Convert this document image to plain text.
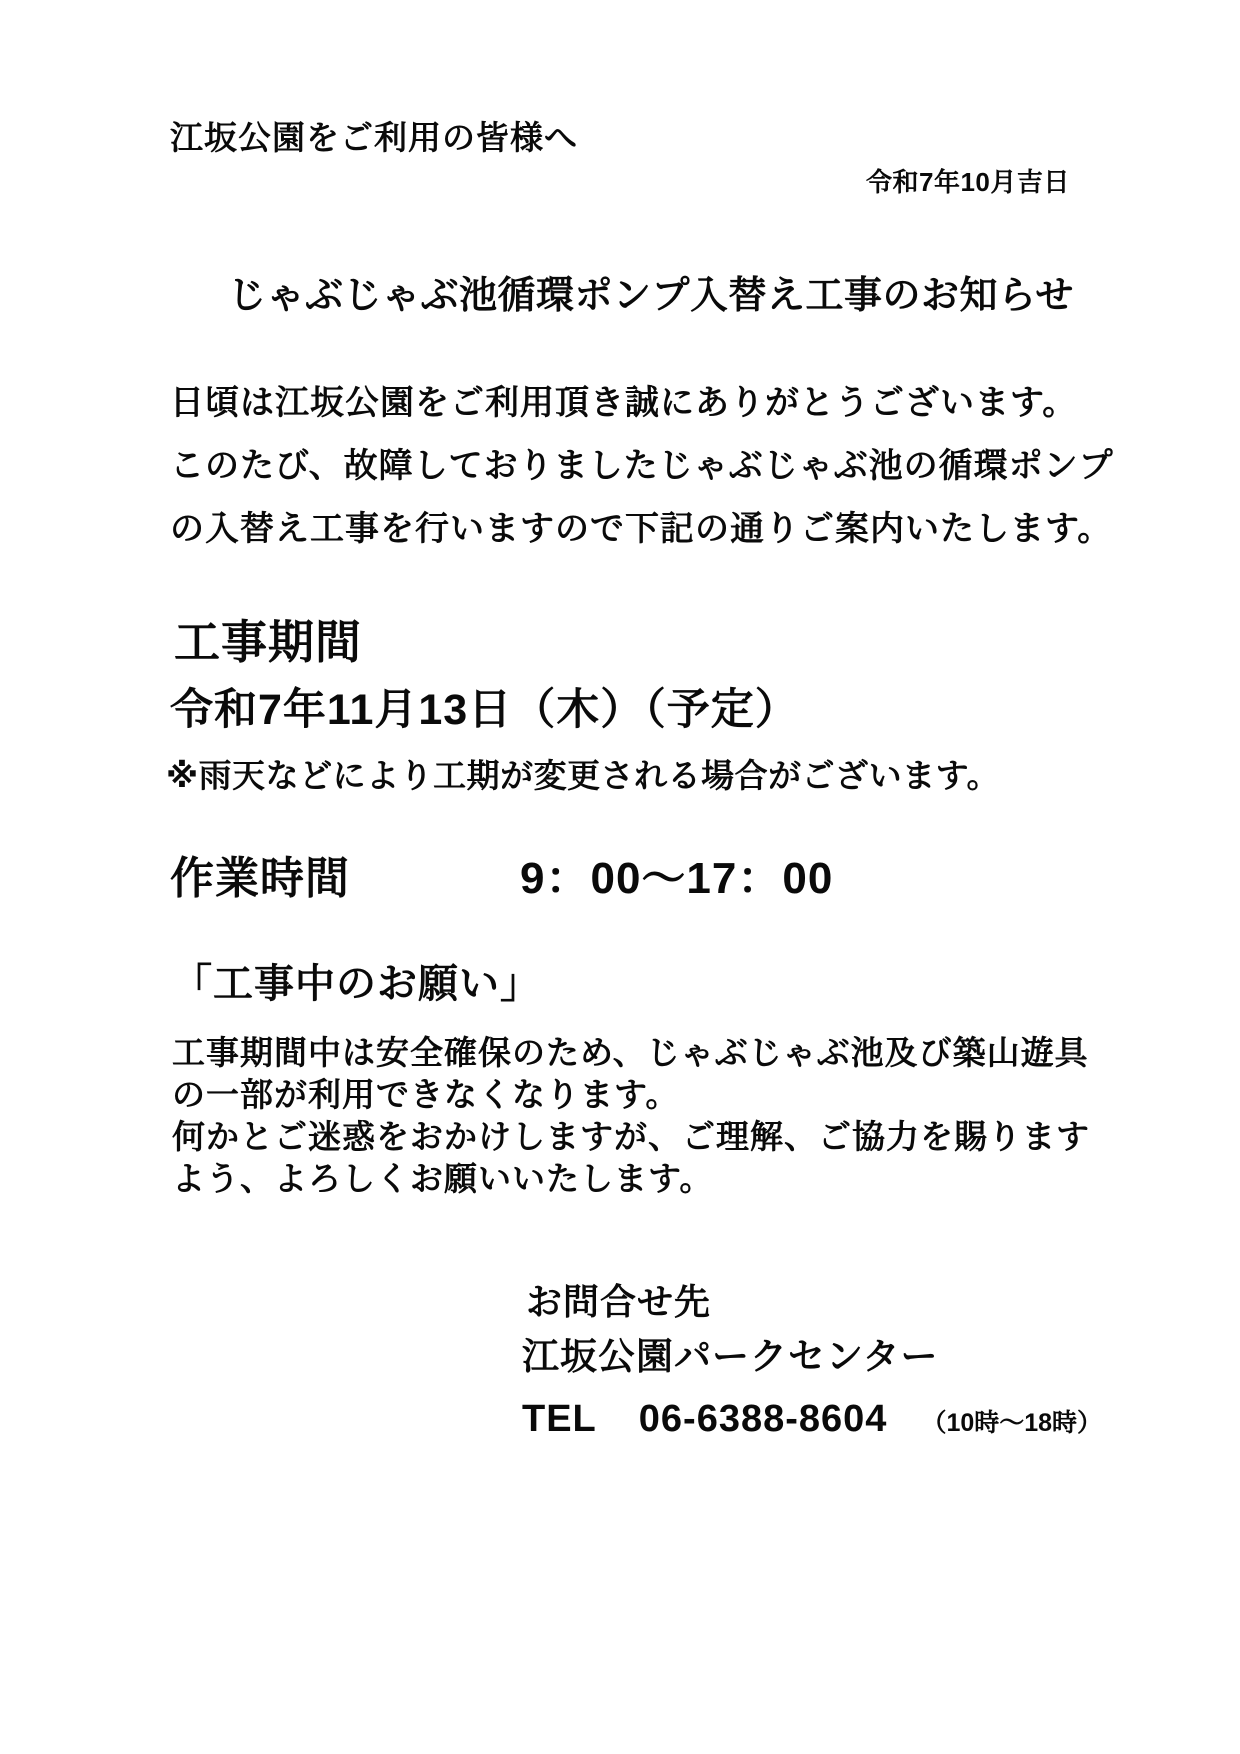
江坂公園をご利用の皆様へ
令和7年10月吉日
じゃぶじゃぶ池循環ポンプ入替え工事のお知らせ
日頃は江坂公園をご利用頂き誠にありがとうございます。
このたび、故障しておりましたじゃぶじゃぶ池の循環ポンプ
の入替え工事を行いますので下記の通りご案内いたします。
工事期間
令和7年11月13日（木）（予定）
※雨天などにより工期が変更される場合がございます。
作業時間	9：00～17：00
「工事中のお願い」
工事期間中は安全確保のため、じゃぶじゃぶ池及び築山遊具
の一部が利用できなくなります。
何かとご迷惑をおかけしますが、ご理解、ご協力を賜ります
よう、よろしくお願いいたします。
お問合せ先
江坂公園パークセンター
TEL 06-6388-8604 （10時～18時）
